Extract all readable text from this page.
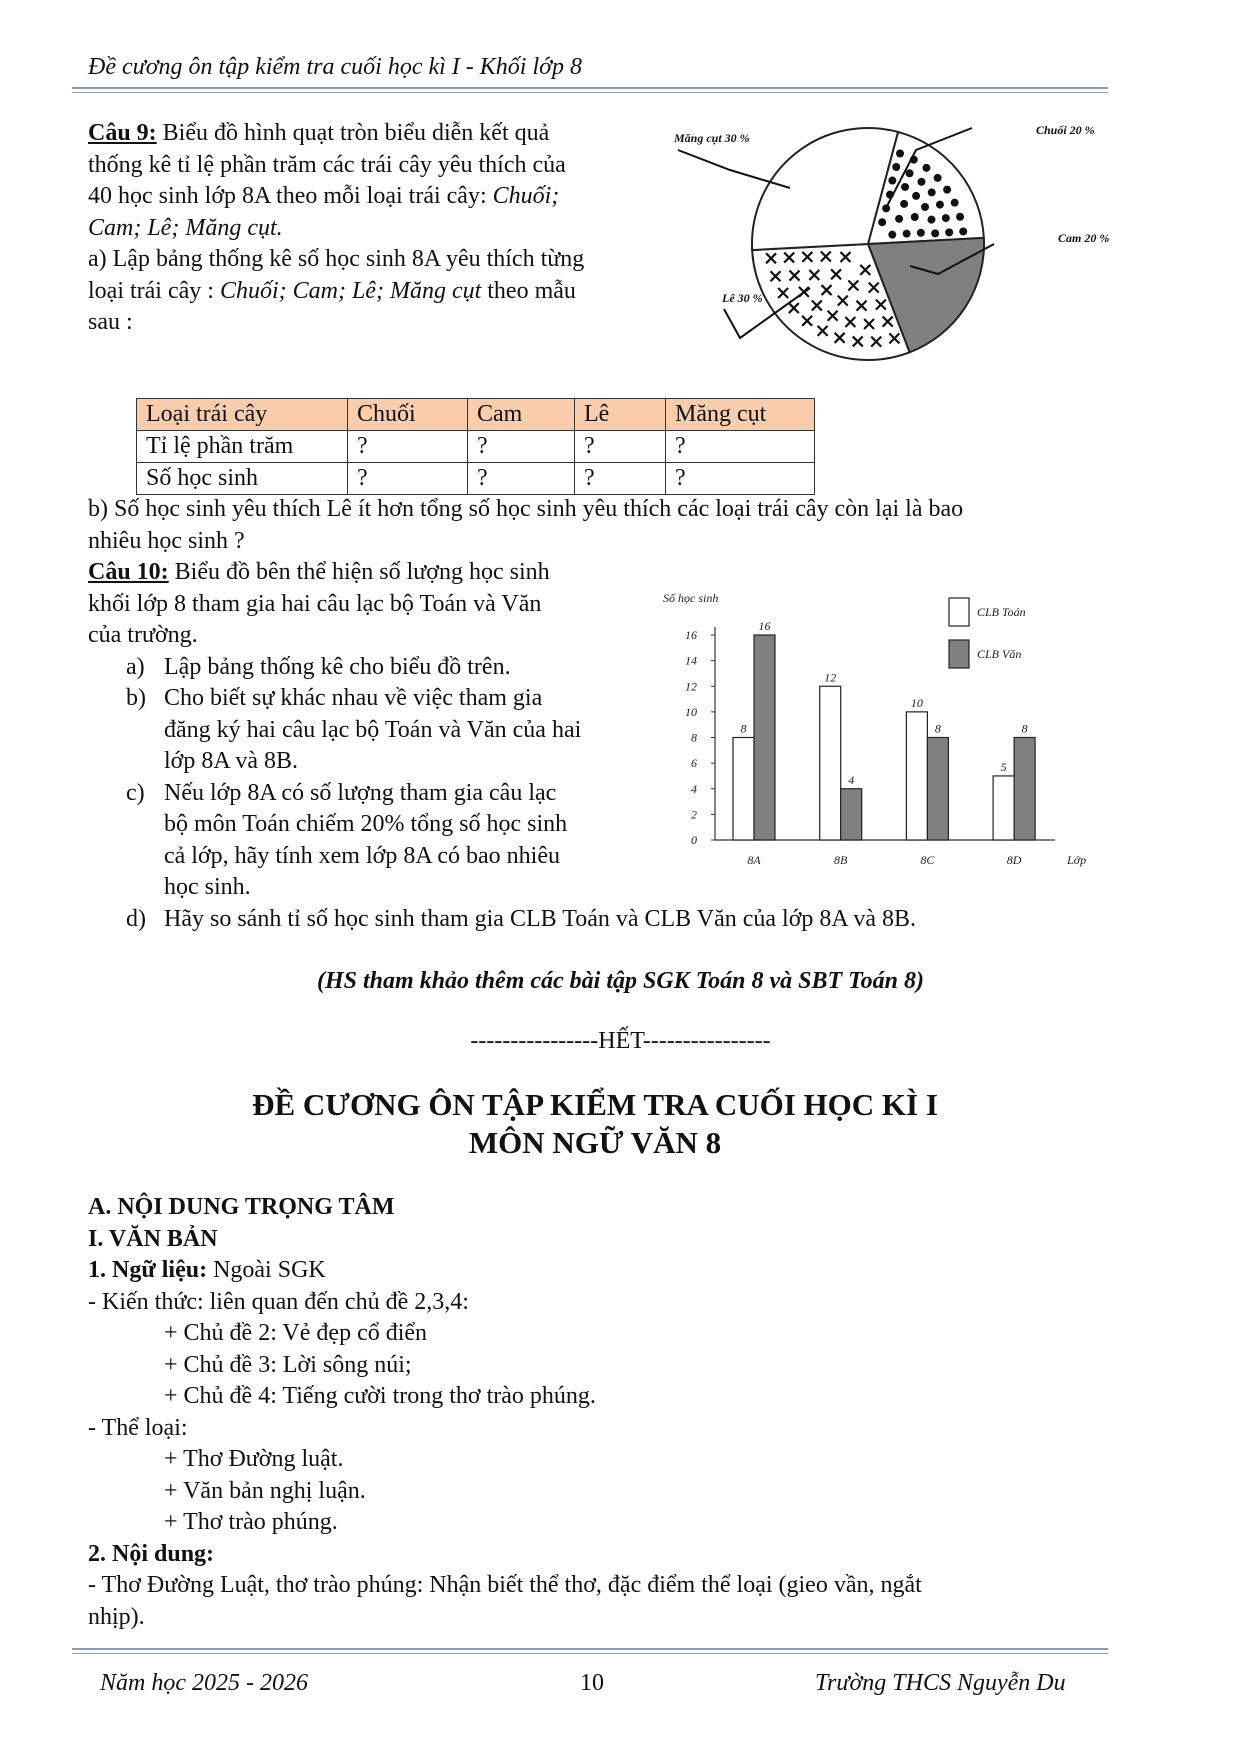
Đề cương ôn tập kiểm tra cuối học kì I - Khối lớp 8
Câu 9: Biểu đồ hình quạt tròn biểu diễn kết quả
thống kê tỉ lệ phần trăm các trái cây yêu thích của
40 học sinh lớp 8A theo mỗi loại trái cây: Chuối;
Cam; Lê; Măng cụt.
a) Lập bảng thống kê số học sinh 8A yêu thích từng
loại trái cây : Chuối; Cam; Lê; Măng cụt theo mẫu
sau :
Chuối 20 %
Cam 20 %
Lê 30 %
Măng cụt 30 %
Loại trái cây	Chuối	Cam	Lê	Măng cụt
Tỉ lệ phần trăm	?	?	?	?
Số học sinh	?	?	?	?
b) Số học sinh yêu thích Lê ít hơn tổng số học sinh yêu thích các loại trái cây còn lại là bao
nhiêu học sinh ?
Câu 10: Biểu đồ bên thể hiện số lượng học sinh
khối lớp 8 tham gia hai câu lạc bộ Toán và Văn
của trường.
a) Lập bảng thống kê cho biểu đồ trên.
b) Cho biết sự khác nhau về việc tham gia
đăng ký hai câu lạc bộ Toán và Văn của hai
lớp 8A và 8B.
c) Nếu lớp 8A có số lượng tham gia câu lạc
bộ môn Toán chiếm 20% tổng số học sinh
cả lớp, hãy tính xem lớp 8A có bao nhiêu
học sinh.
d) Hãy so sánh tỉ số học sinh tham gia CLB Toán và CLB Văn của lớp 8A và 8B.
0
2
4
6
8
10
12
14
16
Số học sinh
Lớp
8
16
8A
12
4
8B
10
8
8C
5
8
8D
CLB Toán
CLB Văn
(HS tham khảo thêm các bài tập SGK Toán 8 và SBT Toán 8)
----------------HẾT----------------
ĐỀ CƯƠNG ÔN TẬP KIỂM TRA CUỐI HỌC KÌ I
MÔN NGỮ VĂN 8
A. NỘI DUNG TRỌNG TÂM
I. VĂN BẢN
1. Ngữ liệu: Ngoài SGK
- Kiến thức: liên quan đến chủ đề 2,3,4:
+ Chủ đề 2: Vẻ đẹp cổ điển
+ Chủ đề 3: Lời sông núi;
+ Chủ đề 4: Tiếng cười trong thơ trào phúng.
- Thể loại:
+ Thơ Đường luật.
+ Văn bản nghị luận.
+ Thơ trào phúng.
2. Nội dung:
- Thơ Đường Luật, thơ trào phúng: Nhận biết thể thơ, đặc điểm thể loại (gieo vần, ngắt
nhịp).
Năm học 2025 - 2026	10	Trường THCS Nguyễn Du
